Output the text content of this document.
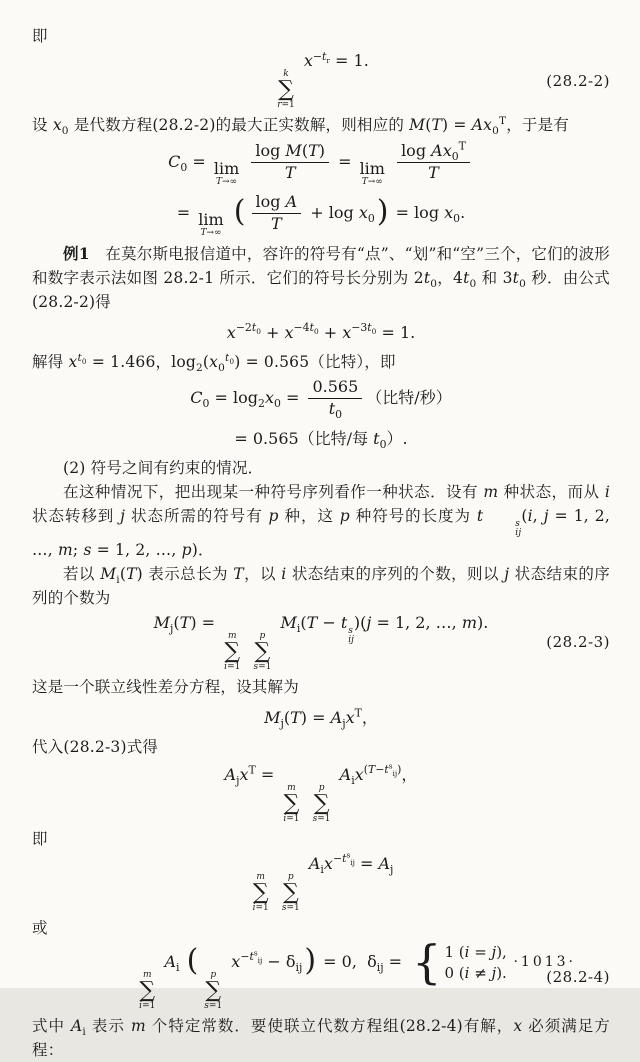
即
k
∑
r=1
$x^{-t_r} = 1$.
(28.2-2)
设 $x_0$ 是代数方程(28.2-2)的最大正实数解，则相应的 $M(T) = Ax_0^T$，于是有
$C_0 = \lim$
T→∞
$\frac{\text{log M(T)}}{T} = \lim$
T→∞
$\frac{\log Ax_0^T}{T}$
= lim
T→∞
( $\frac{\text{log A}}{T} + \log x_0) = \log x_0$.
例1　在莫尔斯电报信道中，容许的符号有“点”、“划”和“空”三个，它们的波形和数字表示法如图 28.2-1 所示．它们的符号长分别为 $2t_0$，$4t_0$ 和 $3t_0$ 秒．由公式(28.2-2)得
$x^{-2t_0} + x^{-4t_0} + x^{-3t_0} = 1$.
解得 $x^{t_0} = 1.466$，$\log_2(x_0^{t_0}) = 0.565$（比特），即
$C_0 = \log_2x_0 = \frac{0.565}{t_0}$ （比特/秒）
= 0.565（比特/每 $t_0$）.
(2) 符号之间有约束的情况．
在这种情况下，把出现某一种符号序列看作一种状态．设有 m 种状态，而从 i 状态转移到 j 状态所需的符号有 p 种，这 p 种符号的长度为 t	s
ij
(i, j = 1, 2, …, m; s = 1, 2, …, p)．
若以 $M_i(T)$ 表示总长为 T，以 i 状态结束的序列的个数，则以 j 状态结束的序列的个数为
$M_j(T)$ =
m
∑
i=1

p
∑
s=1
$M_i(T - t$ s
ij
)(j = 1, 2, …, m).
(28.2-3)
这是一个联立线性差分方程，设其解为
$M_j(T) = A_jx^T$，
代入(28.2-3)式得
$A_jx^T$ =
m
∑
i=1

p
∑
s=1
$A_ix^{(T-t^s_{ij})}$，
即
m
∑
i=1

p
∑
s=1
$A_ix^{-t^s_{ij}} = A_j$
或
m
∑
i=1
$A_i$ ( p
∑
s=1
$x^{-t^s_{ij}} - \delta_{ij}) = 0$,  $\delta_{ij}$ = { 1 (i = j),
0 (i ≠ j).	(28.2-4)
式中 $A_i$ 表示 m 个特定常数．要使联立代数方程组(28.2-4)有解，x 必须满足方程：
·1013·
